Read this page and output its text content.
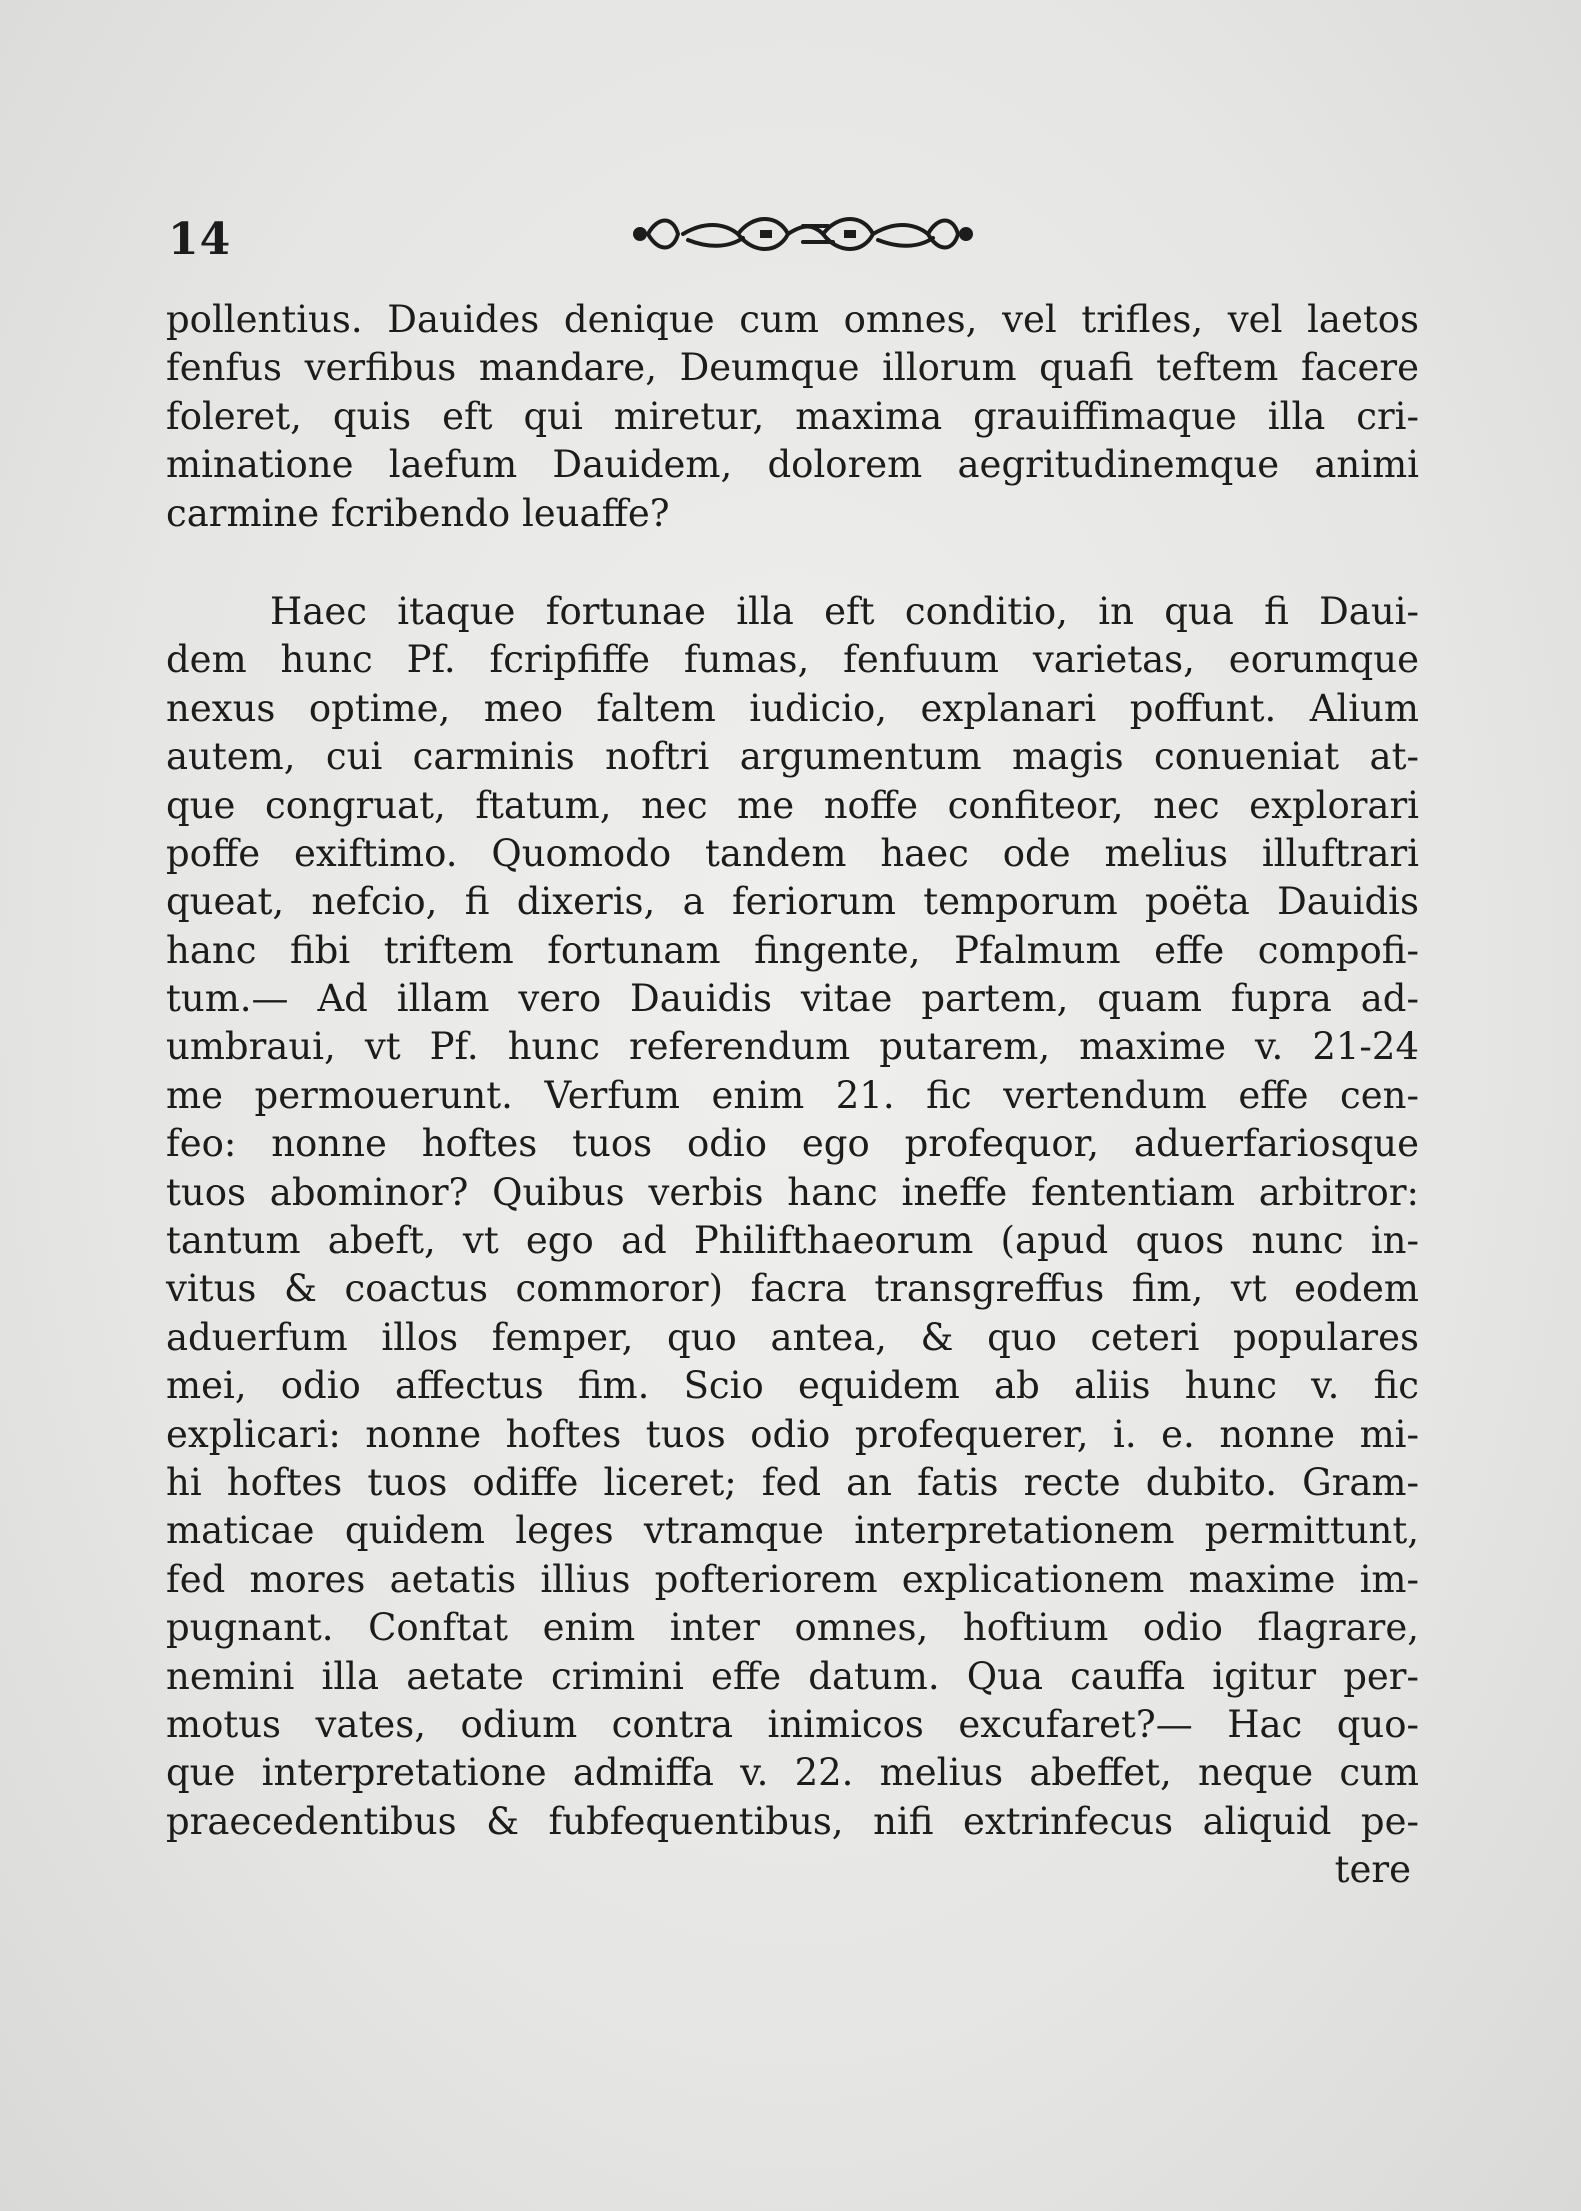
14
pollentius. Dauides denique cum omnes, vel trifles, vel laetos
fenfus verfibus mandare, Deumque illorum quafi teftem facere
foleret, quis eft qui miretur, maxima grauiffimaque illa cri-
minatione laefum Dauidem, dolorem aegritudinemque animi
carmine fcribendo leuaffe?
Haec itaque fortunae illa eft conditio, in qua fi Daui-
dem hunc Pf. fcripfiffe fumas, fenfuum varietas, eorumque
nexus optime, meo faltem iudicio, explanari poffunt. Alium
autem, cui carminis noftri argumentum magis conueniat at-
que congruat, ftatum, nec me noffe confiteor, nec explorari
poffe exiftimo. Quomodo tandem haec ode melius illuftrari
queat, nefcio, fi dixeris, a feriorum temporum poëta Dauidis
hanc fibi triftem fortunam fingente, Pfalmum effe compofi-
tum.— Ad illam vero Dauidis vitae partem, quam fupra ad-
umbraui, vt Pf. hunc referendum putarem, maxime v. 21-24
me permouerunt. Verfum enim 21. fic vertendum effe cen-
feo: nonne hoftes tuos odio ego profequor, aduerfariosque
tuos abominor? Quibus verbis hanc ineffe fententiam arbitror:
tantum abeft, vt ego ad Philifthaeorum (apud quos nunc in-
vitus & coactus commoror) facra transgreffus fim, vt eodem
aduerfum illos femper, quo antea, & quo ceteri populares
mei, odio affectus fim. Scio equidem ab aliis hunc v. fic
explicari: nonne hoftes tuos odio profequerer, i. e. nonne mi-
hi hoftes tuos odiffe liceret; fed an fatis recte dubito. Gram-
maticae quidem leges vtramque interpretationem permittunt,
fed mores aetatis illius pofteriorem explicationem maxime im-
pugnant. Conftat enim inter omnes, hoftium odio flagrare,
nemini illa aetate crimini effe datum. Qua cauffa igitur per-
motus vates, odium contra inimicos excufaret?— Hac quo-
que interpretatione admiffa v. 22. melius abeffet, neque cum
praecedentibus & fubfequentibus, nifi extrinfecus aliquid pe-
tere
